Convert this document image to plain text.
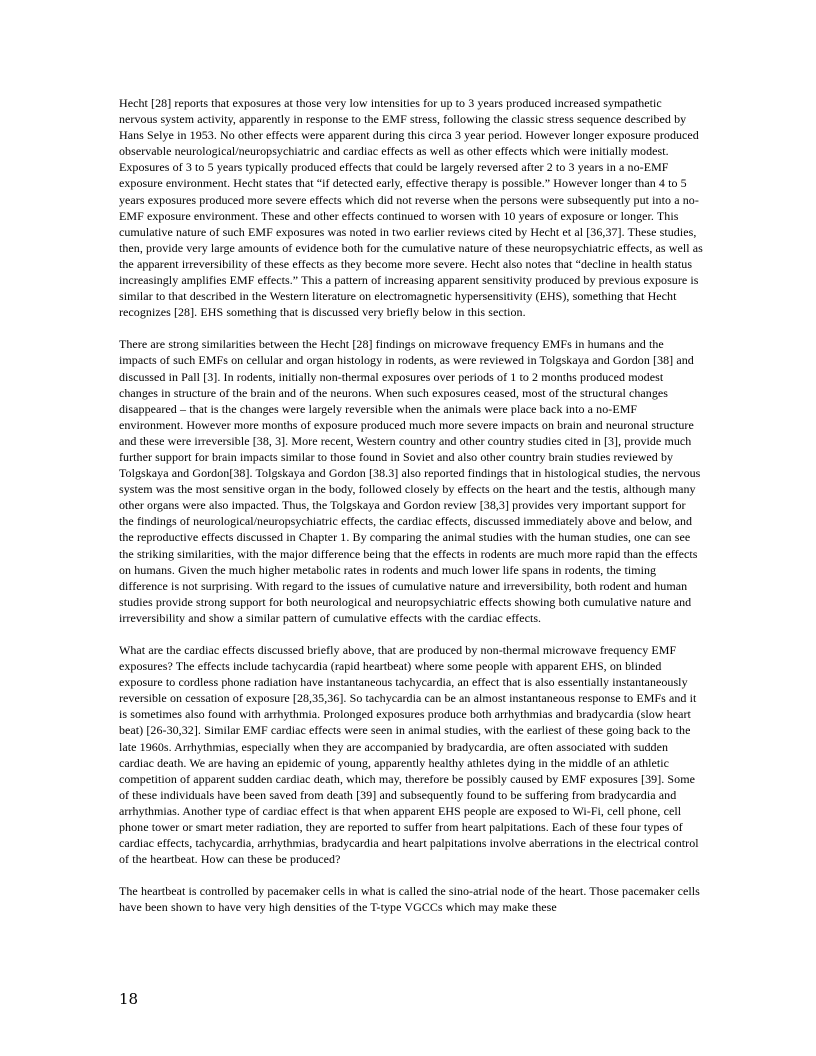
Hecht [28] reports that exposures at those very low intensities for up to 3 years produced increased sympathetic nervous system activity, apparently in response to the EMF stress, following the classic stress sequence described by Hans Selye in 1953. No other effects were apparent during this circa 3 year period. However longer exposure produced observable neurological/neuropsychiatric and cardiac effects as well as other effects which were initially modest. Exposures of 3 to 5 years typically produced effects that could be largely reversed after 2 to 3 years in a no-EMF exposure environment. Hecht states that “if detected early, effective therapy is possible.” However longer than 4 to 5 years exposures produced more severe effects which did not reverse when the persons were subsequently put into a no-EMF exposure environment. These and other effects continued to worsen with 10 years of exposure or longer. This cumulative nature of such EMF exposures was noted in two earlier reviews cited by Hecht et al [36,37]. These studies, then, provide very large amounts of evidence both for the cumulative nature of these neuropsychiatric effects, as well as the apparent irreversibility of these effects as they become more severe. Hecht also notes that “decline in health status increasingly amplifies EMF effects.” This a pattern of increasing apparent sensitivity produced by previous exposure is similar to that described in the Western literature on electromagnetic hypersensitivity (EHS), something that Hecht recognizes [28]. EHS something that is discussed very briefly below in this section.

There are strong similarities between the Hecht [28] findings on microwave frequency EMFs in humans and the impacts of such EMFs on cellular and organ histology in rodents, as were reviewed in Tolgskaya and Gordon [38] and discussed in Pall [3]. In rodents, initially non-thermal exposures over periods of 1 to 2 months produced modest changes in structure of the brain and of the neurons. When such exposures ceased, most of the structural changes disappeared – that is the changes were largely reversible when the animals were place back into a no-EMF environment. However more months of exposure produced much more severe impacts on brain and neuronal structure and these were irreversible [38, 3]. More recent, Western country and other country studies cited in [3], provide much further support for brain impacts similar to those found in Soviet and also other country brain studies reviewed by Tolgskaya and Gordon[38]. Tolgskaya and Gordon [38.3] also reported findings that in histological studies, the nervous system was the most sensitive organ in the body, followed closely by effects on the heart and the testis, although many other organs were also impacted. Thus, the Tolgskaya and Gordon review [38,3] provides very important support for the findings of neurological/neuropsychiatric effects, the cardiac effects, discussed immediately above and below, and the reproductive effects discussed in Chapter 1. By comparing the animal studies with the human studies, one can see the striking similarities, with the major difference being that the effects in rodents are much more rapid than the effects on humans. Given the much higher metabolic rates in rodents and much lower life spans in rodents, the timing difference is not surprising. With regard to the issues of cumulative nature and irreversibility, both rodent and human studies provide strong support for both neurological and neuropsychiatric effects showing both cumulative nature and irreversibility and show a similar pattern of cumulative effects with the cardiac effects.

What are the cardiac effects discussed briefly above, that are produced by non-thermal microwave frequency EMF exposures? The effects include tachycardia (rapid heartbeat) where some people with apparent EHS, on blinded exposure to cordless phone radiation have instantaneous tachycardia, an effect that is also essentially instantaneously reversible on cessation of exposure [28,35,36]. So tachycardia can be an almost instantaneous response to EMFs and it is sometimes also found with arrhythmia. Prolonged exposures produce both arrhythmias and bradycardia (slow heart beat) [26-30,32]. Similar EMF cardiac effects were seen in animal studies, with the earliest of these going back to the late 1960s. Arrhythmias, especially when they are accompanied by bradycardia, are often associated with sudden cardiac death. We are having an epidemic of young, apparently healthy athletes dying in the middle of an athletic competition of apparent sudden cardiac death, which may, therefore be possibly caused by EMF exposures [39]. Some of these individuals have been saved from death [39] and subsequently found to be suffering from bradycardia and arrhythmias. Another type of cardiac effect is that when apparent EHS people are exposed to Wi-Fi, cell phone, cell phone tower or smart meter radiation, they are reported to suffer from heart palpitations. Each of these four types of cardiac effects, tachycardia, arrhythmias, bradycardia and heart palpitations involve aberrations in the electrical control of the heartbeat. How can these be produced?

The heartbeat is controlled by pacemaker cells in what is called the sino-atrial node of the heart. Those pacemaker cells have been shown to have very high densities of the T-type VGCCs which may make these

18
